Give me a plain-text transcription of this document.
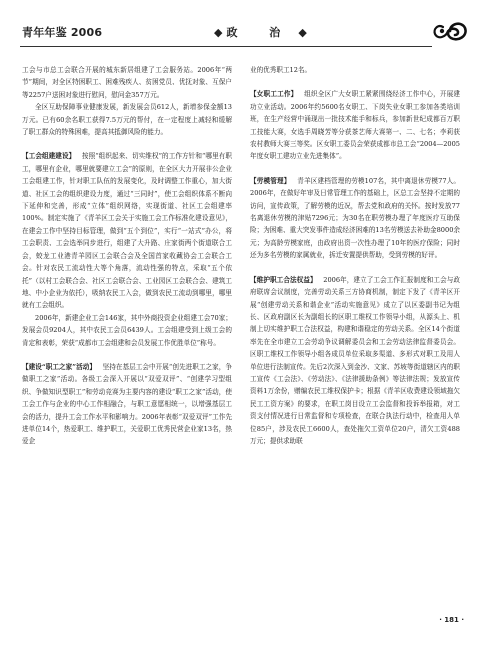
青年年鉴 2006	◆ 政 治 ◆

工会与市总工会联合开展的城东新居组建了工会服务站。2006年“两节”期间，对全区特困职工、困难残疾人、贫困党员、优抚对象、互保户等2257户送困对象进行慰问，慰问金357万元。

全区互助保障事业健康发展，新发展会员612人，新增参保金额13万元。已有60余名职工获得7.5万元的帮付，在一定程度上减轻和缓解了职工群众的特殊困难，提高其抵御风险的能力。

【工会组建建设】  按照“组织起来、切实维权”的工作方针和“哪里有职工，哪里有企业，哪里就要建立工会”的原则，在全区大力开展非公企业工会组建工作，针对职工队伍的发展变化，及时调整工作重心，加大街道、社区工会的组织建设力度，通过“三同时”，使工会组织体系不断向下延伸和完善，形成“立体”组织网络，实现街道、社区工会组建率100%。制定实施了《青羊区工会关于实施工会工作标准化建设意见》，在建会工作中坚持目标管理，做到“五个到位”，实行“一站式”办公，将工会职责、工会选举同步进行，组建了大升路、庄家街两个街道联合工会，蛟龙工业港青羊园区工会联合会及全国首家收藏协会工会联合工会。针对农民工流动性大等个角落，流动性强的特点，采取“五个依托”（以村工会联合会、社区工会联合会、工业园区工会联合会、建筑工地、中小企业为依托），吸纳农民工入会，做到农民工流动到哪里，哪里就有工会组织。

2006年，新建企业工会146家，其中外商投资企业组建工会70家；发展会员9204人，其中农民工会员6439人。工会组建受到上级工会的肯定和表彰，荣获“成都市工会组建和会员发展工作优胜单位”称号。

【建设“职工之家”活动】  坚持在基层工会中开展“创先进职工之家，争做职工之家”活动。各级工会深入开展以“双爱双评”、“创建学习型组织、争做知识型职工”和劳动竞赛为主要内容的建设“职工之家”活动，使工会工作与企业的中心工作相融合，与职工意愿相统一，以增强基层工会的活力，提升工会工作水平和影响力。2006年表彰“双爱双评”工作先进单位14个，热爱职工、维护职工，关爱职工优秀民营企业家13名，热爱企

业的优秀职工12名。

【女职工工作】  组织全区广大女职工紧紧围绕经济工作中心，开展建功立业活动。2006年约5600名女职工、下岗失业女职工参加各类培训班，在生产经营中涌现出一批技术能手和标兵，参加新世纪成都百万职工技能大赛，女选手周晓芳等分获茶艺师大赛第一、二、七名；李莉获农村教师大赛三等奖。区女职工委员会荣获成都市总工会“2004—2005年度女职工建功立业先进集体”。

【劳模管理】  青羊区建档管理的劳模107名，其中离退休劳模77人。2006年，在做好年审及日常管理工作的基础上，区总工会坚持不定期的访问，宣传政策，了解劳模的近况，帮去党和政府的关怀。按时发放77名离退休劳模的津贴7296元；为30名在职劳模办理了年度医疗互助保险；为困难、重大突发事件造成经济困难的13名劳模送去补助金8000余元；为高龄劳模家庭，由政府出资一次性办理了10年的医疗保险；同时还为多名劳模的家属就业，拆迁安置提供帮助，受到劳模的好评。

【维护职工合法权益】  2006年，建立了工会工作汇报制度和工会与政府联席会议制度，完善劳动关系三方协商机制，制定下发了《青羊区开展“创建劳动关系和谐企业”活动实施意见》成立了以区委副书记为组长、区政府副区长为副组长的区职工维权工作领导小组，从源头上、机制上切实维护职工合法权益，构建和谐稳定的劳动关系。全区14个街道率先在全市建立工会劳动争议调解委员会和工会劳动法律监督委员会。区职工维权工作领导小组各成员单位采取多渠道、多形式对职工及用人单位进行法制宣传。先后2次深入到金沙、文家、苏坡等街道辖区内的职工宣传《工会法》、《劳动法》、《法律援助条例》等法律法规；发放宣传资料1万余份，赠编农民工维权保护卡；根据《青羊区收费建设领域拖欠民工工资方案》的要求，在职工岗目设立工会监督和投诉举报箱，对工资支付情况进行日常监督和专项检查，在联合执法行动中，检查用人单位85户，涉及农民工6600人，查处拖欠工资单位20户，清欠工资488万元；提供求助联

· 181 ·
